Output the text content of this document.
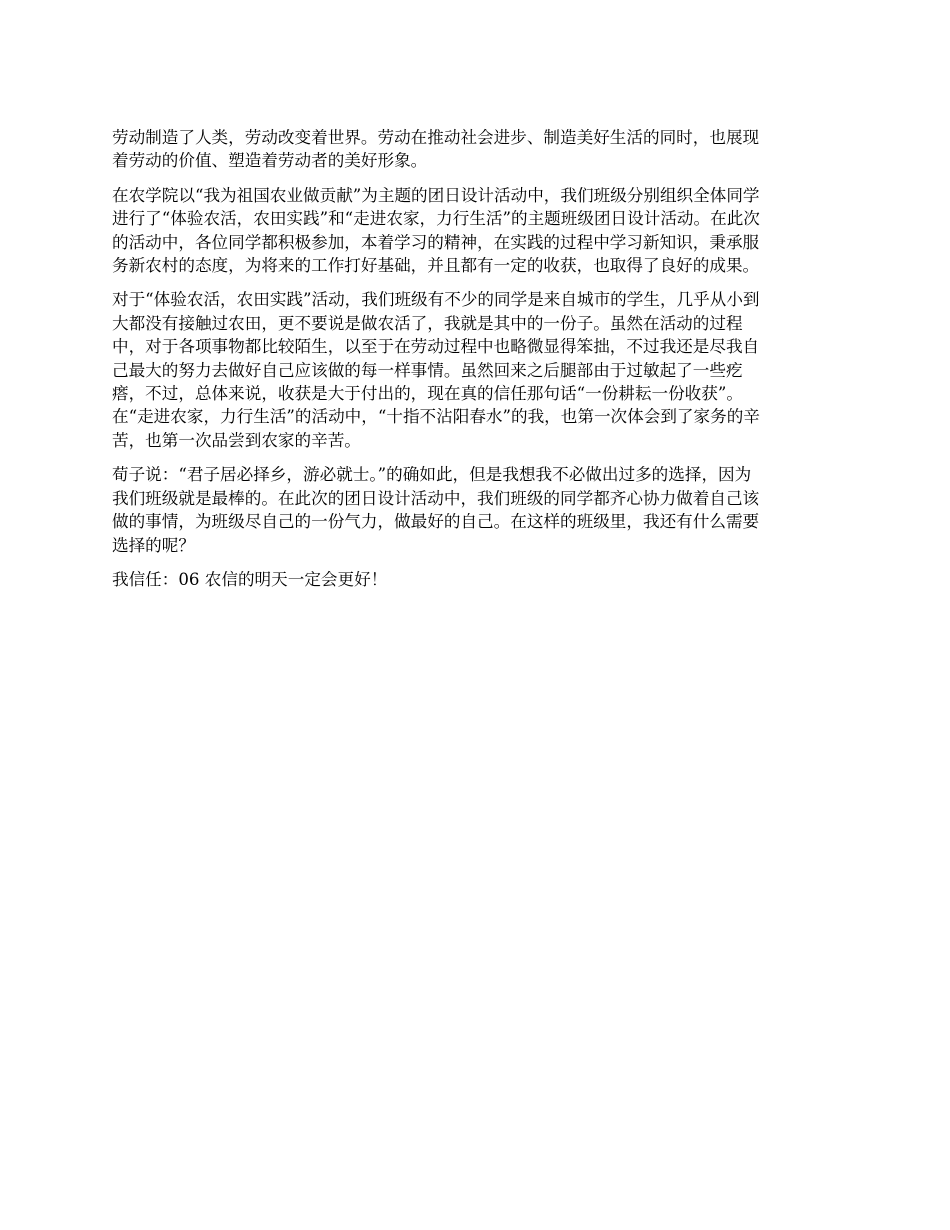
劳动制造了人类，劳动改变着世界。劳动在推动社会进步、制造美好生活的同时，也展现
着劳动的价值、塑造着劳动者的美好形象。

在农学院以“我为祖国农业做贡献”为主题的团日设计活动中，我们班级分别组织全体同学
进行了“体验农活，农田实践”和“走进农家，力行生活”的主题班级团日设计活动。在此次
的活动中，各位同学都积极参加，本着学习的精神，在实践的过程中学习新知识，秉承服
务新农村的态度，为将来的工作打好基础，并且都有一定的收获，也取得了良好的成果。

对于“体验农活，农田实践”活动，我们班级有不少的同学是来自城市的学生，几乎从小到
大都没有接触过农田，更不要说是做农活了，我就是其中的一份子。虽然在活动的过程
中，对于各项事物都比较陌生，以至于在劳动过程中也略微显得笨拙，不过我还是尽我自
己最大的努力去做好自己应该做的每一样事情。虽然回来之后腿部由于过敏起了一些疙
瘩，不过，总体来说，收获是大于付出的，现在真的信任那句话“一份耕耘一份收获”。
在“走进农家，力行生活”的活动中，“十指不沾阳春水”的我，也第一次体会到了家务的辛
苦，也第一次品尝到农家的辛苦。

荀子说：“君子居必择乡，游必就士。”的确如此，但是我想我不必做出过多的选择，因为
我们班级就是最棒的。在此次的团日设计活动中，我们班级的同学都齐心协力做着自己该
做的事情，为班级尽自己的一份气力，做最好的自己。在这样的班级里，我还有什么需要
选择的呢？

我信任：06 农信的明天一定会更好！
